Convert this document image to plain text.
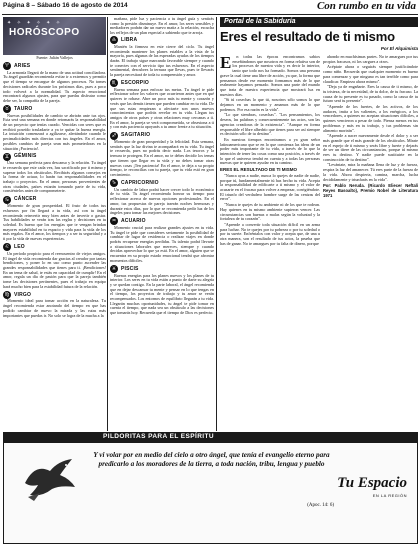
Página 8 – Sábado 16 de agosto de 2014	Con rumbo en tu vida
✦ ✧ ✦ ✧ ✦ ✧
HORÓSCOPO
Fuente: Julián Vallejos
♈ ARIES
La armonía llegará de la mano de una actitud conciliadora. Tu ángel guardián recomienda evitar ir a extremos y permitir que el tiempo se encargue de algunos procesos. No tomes decisiones radicales durante los próximos días, pues a poco todo volverá a la normalidad. Tu aspecto emocional encontrará algunos ajustes, para que puedas disfrutar como debe ser, la compañía de la pareja.
♉ TAURO
Nuevas posibilidades de cambio se abrirán ante tus ojos. Esta será una semana en donde retomarás la responsabilidad de un proyecto que tenías curado. Vencidas con seres que es recibirá poseído trasladarte a ya te quitar la buena energía. La intuición comenzará a agilizarse, alertándote cuando le pecimalicidades más directas con tus ángeles. En el amor, posibles cambios de pareja sean más prometedoras en la situación ¡Paciencia!.
♊ GÉMINIS
Una semana perfecta para descanso y la relación. Tu ángel te recuerda que este cada vez, has sacrificado por ti mismo y superar todos los obstáculos. Recibirás algunos consejos en la forma de actuar, lo harán tus responsabilidades en el trabajo o proyectos. En el amor, personas provenientes de otras ciudades, países estarán tomando parte de tu vida, consiéntelos antes de comprometerte.
♋ CÁNCER
Momento de gran prosperidad. El fruto de todos tus esfuerzos por fin llegará a tu vida, así con tu ángel recomienda reinvertir muy bien antes de invertir o gastar. Tus habilidades se verán tras las reglas y decisiones en tu soledad. Es bueno que los energías que te vengan brindan mayores estabilidad en tu espacio y vida para la vida de los más regalos. En el amor, los tiempos y a ser tu seguridad y a ti por la vida de nuevas experiencias.
♌ LEO
Un período propicio para el reencuentro de viejos amigos. El ángel de vida recomienda dar gracias al creador por tantas bendiciones, y poner lo en uso como punto ascender las grandes responsabilidades que tienes para ti. ¡Bendiciones! En un tema de salud, te estás en capacidad de cumplir! En el amor, regala un día de pasión para que la pareja también tome las decisiones pertinentes, pues el trabajo en equipo hará mucho bien para la estabilidad futura de la relación.
♍ VIRGO
Momento ideal para tomar acción en la naturaleza. Tu ángel recomienda estar anotando del tiempo en que has podido cambiar de nuevo la mirada y las rutas más importantes que puedas ir. No solo se logra de la mucha a la
mañana, pide luz y paciencia a tu ángel guía y sentirás como la presión disminuye. En el amor, los seres sensibles y mediadores podrán dar un nuevo matiz a la relación, escucha los reflejos de un plan especial a sabiendo que te arroja.
♎ LIBRA
Mantén la firmeza en este cierre del ciclo. Tu ángel recomienda mantener los planes estables a la vista de la mayoría, pues algunas de las esperadas ayudas de los tiempos darán. El trabajo sigue marcando favorable siempre y cuando te conectes con el servicio tipo tus esfuerzos. En el aspecto sentimental, descubres la ternura que llevas, pues te llevarás la pareja necesitará de toda tu comprensión y amor.
♏ ESCORPIO
Buena semana para enfocar tus metas. Tu ángel te pide reflexionar sobre los valores que ocurrieron antes que en qué quieres te robase. Abre un poco más tu mente y corazón y verás que las demás tienen que pueden cambiar en tu vida. De que sus rutas empiezan a afectarte son unos nuevos conocimientos que podrás revelar en tu vida. Llegan tus amigos de otros países y otras relaciones muy cercanas a ti. En el amor, la pareja se verá comprometida, se obsesiona a ti y con más paciencia apoyarás a tu amor frente a tu situación.
♐ SAGITARIO
Momento de gran prosperidad y la felicidad. Esta semana, sentirás que la luz divina te acompañará en tu vida. Tu ángel te recuerda, pues no podrás decir nada. Los tesoros y la ternura te protegen. En el amor, no te debes decidir los temas que tienen que llegar en tu vida y no debes tomar otras nuevas cosas ¡Ten paciencia! En el amor, te deja a su propio tiempo, te reconcilias con tu pareja, que tu vida está en gran crecimiento.
♑ CAPRICORNIO
Un cambio de labor podrá hacer crecer todo lo económico de tu vida. Tu ángel recomienda honrar su tiempo para reflexionar acerca de nuevas opciones profesionales. En el amor, tus propuestas de pareja traerán noches hermosas y durante estos días, por lo que se recomienda pedir luz de los ángeles para tomar las mejores decisiones.
♒ ACUARIO
Momento crucial para realizar grandes ajustes en tu vida. Tu ángel te pide que consideres seriamente la posibilidad de cambiar de lugar de residencia o realizar viajes en donde podrás recuperar energías perdidas. Tu talento podrá llevarte a situaciones laborales que mereces, siempre y cuando decidas aprovechar lo que ya está. En el amor, alguien que se encuentra en su propio estado emocional tendrá que afrontar momentos difíciles.
♓ PISCIS
Buenas energías para los planes nuevos y los planes de tu interior. Los seres en tu vida están a punto de darte su alegría y se quedan contigo. En la parte laboral, el ángel recomienda que en dejar descansar tu mente y pensar en lo que tengas en el tiempo, los proyectos de trabajo y tu amor se verán recompensados. Los entornos de equilibrio llegarán a tu vida. Llegarán muchas oportunidades, tu ángel te pide tomar en cuenta el tiempo, que nada sea un obstáculo a las decisiones que tomarás hoy. Recuerda que el tiempo de Dios es perfecto.
Portal de la Sabiduría
Eres el resultado de ti mismo
Por El Alquimista
E	n todas las épocas encontramos sabios enseñándonos que nosotros en forma relativa son de los procesos de nuestra vida y es decir lo interior, tanto que todo nos ha formado. Somos una persona grave la cual tiene una libre de acción, ya que, la forma que pensamos desde ese momento formamos más de lo que realmente hayamos pensado. Somos una parte del mundo que trata de nuestra experiencia que mostrará luz en nuestros días.
"Si tú cosechas lo que tú, nosotros sólo somos lo que dejamos en un momento y amamos más de lo que podemos. Por esa razón es la vida".
"Lo que siembras, cosechas". "Los pensamientos, los deseos, las palabras y consecuentemente tus actos, son las agencias creadoras de la existencia". "Aunque en forma responsable el libre albedrío que tienes para ser así siempre es decisión sólo de tu destino".
En nuestras tiempos encontramos a ya gran señor latinoamericano que se en lo que comienza las ideas de un poder más importante de tu vida, a través de lo que la intención de tener las cosas como una posición, a través de lo que el universo tendrá en cuenta y a todas las personas nuevas que te quieren ayudar en tu camino.
ERES EL RESULTADO DE TI MISMO
"Nunca ayas a nadie, nunca lo quejes de nadie de nadie, porque tú, fundamentalmente tú has hecho tu vida. Acepta la responsabilidad de edificarte a ti mismo y el valor de acusarte en el fracaso para volver a empezar, corrigiéndote. El triunfo del verdadero hombre surge de las cenizas del error".
"Nunca te quejes de tu ambiente ni de los que te rodean. Hay quienes en tu mismo ambiente supieron vencer. Las circunstancias son buenas o malas según la voluntad y la fortaleza de tu corazón".
"Aprende a convertir toda situación difícil en un arma para luchar. No te quejes por tu pobreza o por tu soledad o por tu suerte. Enfréntalos con valor y acepta que, de una u otra manera, son el resultado de tus actos, la prueba que has de ganar. No te amargues por tu falta de dinero, porque
ahondo en muchísimas partes. No te amargues por tus propios fracasos, ni los cargues a otros.
Acéptate ahora o seguirás siempre justificándote como niño. Recuerda que cualquier momento es bueno para comenzar y que ninguno es tan terrible como para claudicar. Empieza ahora mismo".
"Deja ya de engañarte. Eres la causa de ti mismo, de tu tristeza, de tu necesidad, de tu dolor, de tu fracaso. La causa de tu presente es tu pasado, como la causa de tu futuro será tu presente".
"Aprende de los fuertes, de los activos, de los audaces, imita a los valientes, a los enérgicos, a los vencedores, a quienes no aceptan situaciones difíciles, a quienes vencieron a pesar de todo. Piensa menos en tus problemas y más en tu trabajo, y tus problemas sin alimento morirán".
"Aprende a nacer nuevamente desde el dolor y a ser más grande que el más grande de los obstáculos. Mírate en el espejo de ti mismo y serás libre y fuerte y dejarás de ser un títere de las circunstancias, porque tú mismo eres tu destino. Y nadie puede sustituirte en la construcción de tu destino".
"Levántate, mira la mañana llena de luz y de fuerza, respira la luz del amanecer. Tú eres parte de la fuerza de la vida. Ahora despierta, camina, marcha, lucha decididamente y triunfarás en la vida".
Por: Pablo Neruda. (Ricardo Eliecer Neftalí Reyes Basoalto), Premio Nobel de Literatura 1971
PILDORITAS PARA EL ESPÍRITU
Y vi volar por en medio del cielo a otro ángel, que tenía el evangelio eterno para predicarlo a los moradores de la tierra, a toda nación, tribu, lengua y pueblo
(Apoc. 14: 6)
Tu Espacio
EN LA REGIÓN
